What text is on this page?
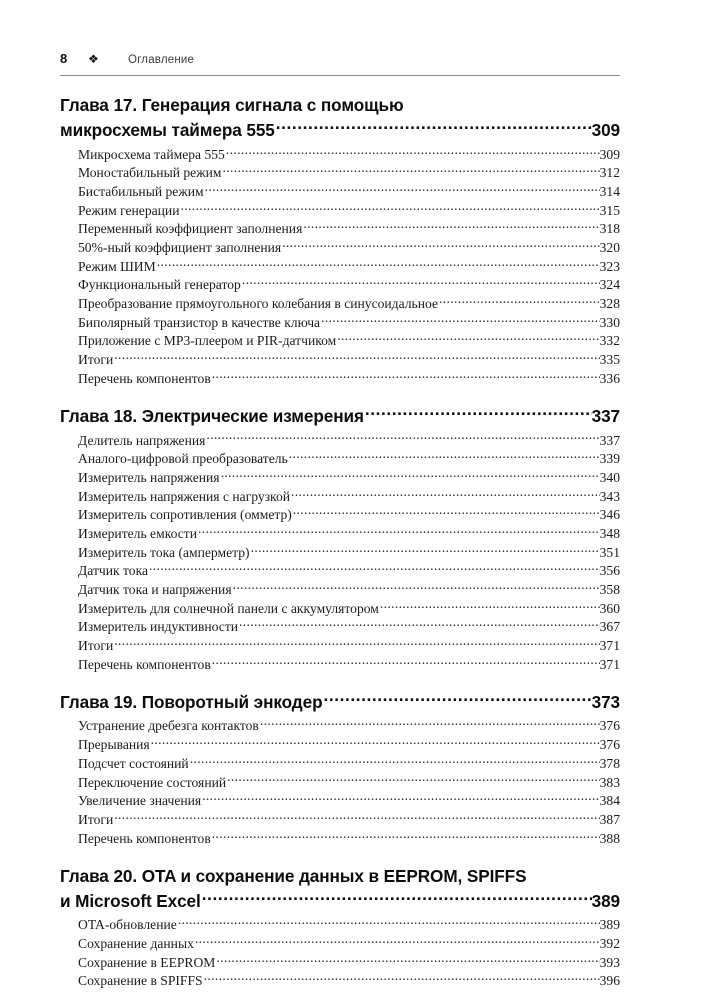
8	❖	Оглавление
Глава 17. Генерация сигнала с помощью
микросхемы таймера 555 .....	309
Микросхема таймера 555 .....	309
Моностабильный режим .....	312
Бистабильный режим .....	314
Режим генерации .....	315
Переменный коэффициент заполнения .....	318
50%-ный коэффициент заполнения .....	320
Режим ШИМ .....	323
Функциональный генератор .....	324
Преобразование прямоугольного колебания в синусоидальное .....	328
Биполярный транзистор в качестве ключа .....	330
Приложение с MP3-плеером и PIR-датчиком .....	332
Итоги .....	335
Перечень компонентов .....	336
Глава 18. Электрические измерения .....	337
Делитель напряжения .....	337
Аналого-цифровой преобразователь .....	339
Измеритель напряжения .....	340
Измеритель напряжения с нагрузкой .....	343
Измеритель сопротивления (омметр) .....	346
Измеритель емкости .....	348
Измеритель тока (амперметр) .....	351
Датчик тока .....	356
Датчик тока и напряжения .....	358
Измеритель для солнечной панели с аккумулятором .....	360
Измеритель индуктивности .....	367
Итоги .....	371
Перечень компонентов .....	371
Глава 19. Поворотный энкодер .....	373
Устранение дребезга контактов .....	376
Прерывания .....	376
Подсчет состояний .....	378
Переключение состояний .....	383
Увеличение значения .....	384
Итоги .....	387
Перечень компонентов .....	388
Глава 20. OTA и сохранение данных в EEPROM, SPIFFS
и Microsoft Excel .....	389
OTA-обновление .....	389
Сохранение данных .....	392
Сохранение в EEPROM .....	393
Сохранение в SPIFFS .....	396
